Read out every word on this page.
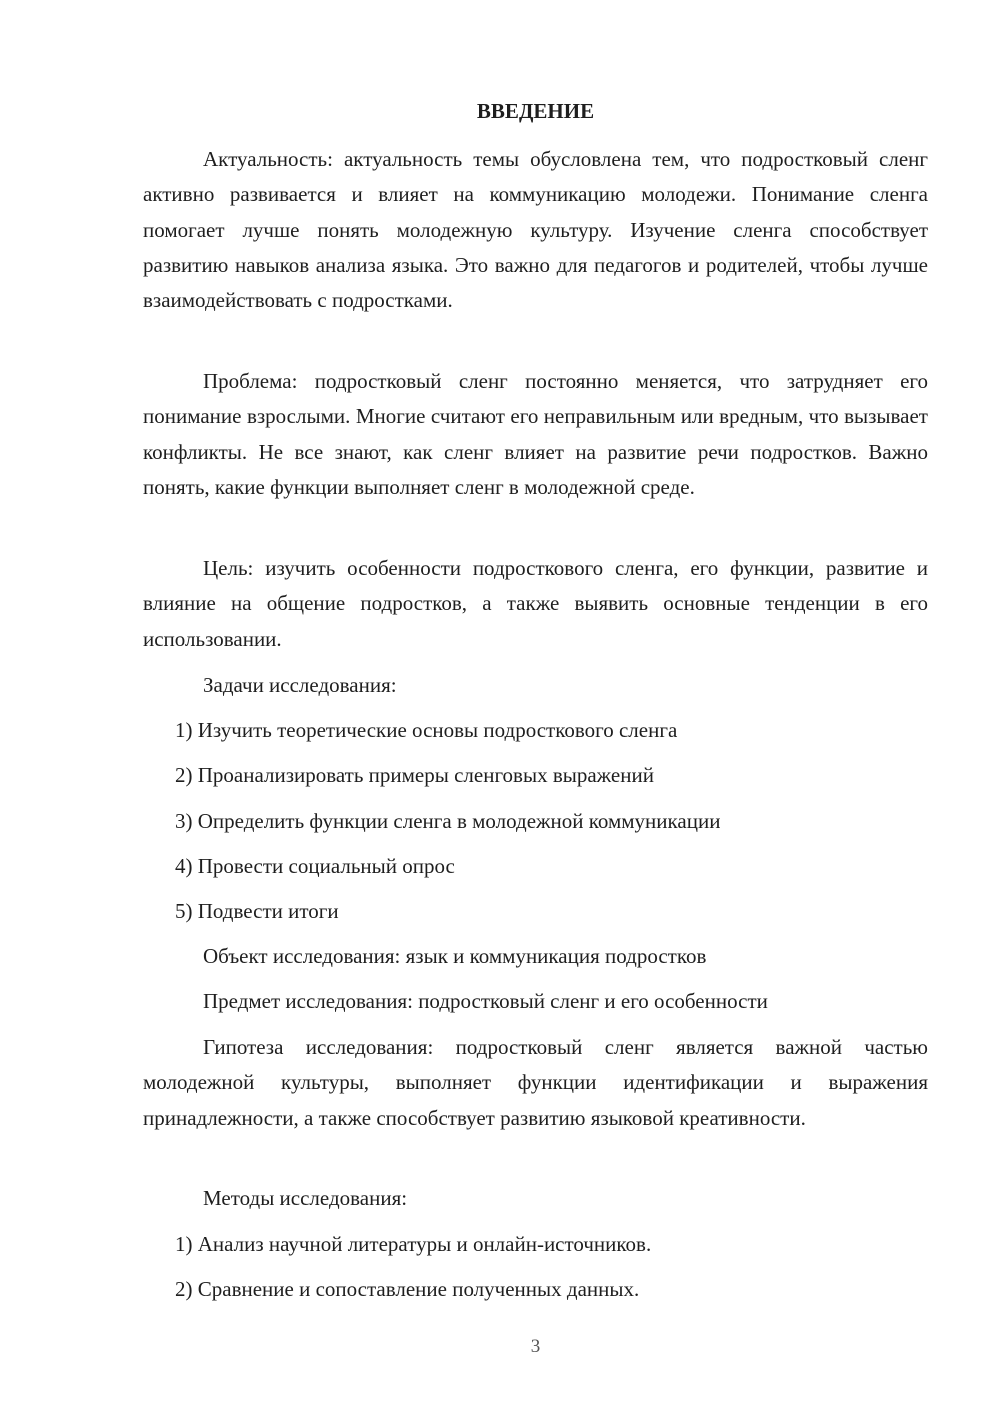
ВВЕДЕНИЕ

Актуальность: актуальность темы обусловлена тем, что подростковый сленг активно развивается и влияет на коммуникацию молодежи. Понимание сленга помогает лучше понять молодежную культуру. Изучение сленга способствует развитию навыков анализа языка. Это важно для педагогов и родителей, чтобы лучше взаимодействовать с подростками.

Проблема: подростковый сленг постоянно меняется, что затрудняет его понимание взрослыми. Многие считают его неправильным или вредным, что вызывает конфликты. Не все знают, как сленг влияет на развитие речи подростков. Важно понять, какие функции выполняет сленг в молодежной среде.

Цель: изучить особенности подросткового сленга, его функции, развитие и влияние на общение подростков, а также выявить основные тенденции в его использовании.

Задачи исследования:
1) Изучить теоретические основы подросткового сленга
2) Проанализировать примеры сленговых выражений
3) Определить функции сленга в молодежной коммуникации
4) Провести социальный опрос
5) Подвести итоги
Объект исследования: язык и коммуникация подростков
Предмет исследования: подростковый сленг и его особенности

Гипотеза исследования: подростковый сленг является важной частью молодежной культуры, выполняет функции идентификации и выражения принадлежности, а также способствует развитию языковой креативности.

Методы исследования:
1) Анализ научной литературы и онлайн-источников.
2) Сравнение и сопоставление полученных данных.
3
